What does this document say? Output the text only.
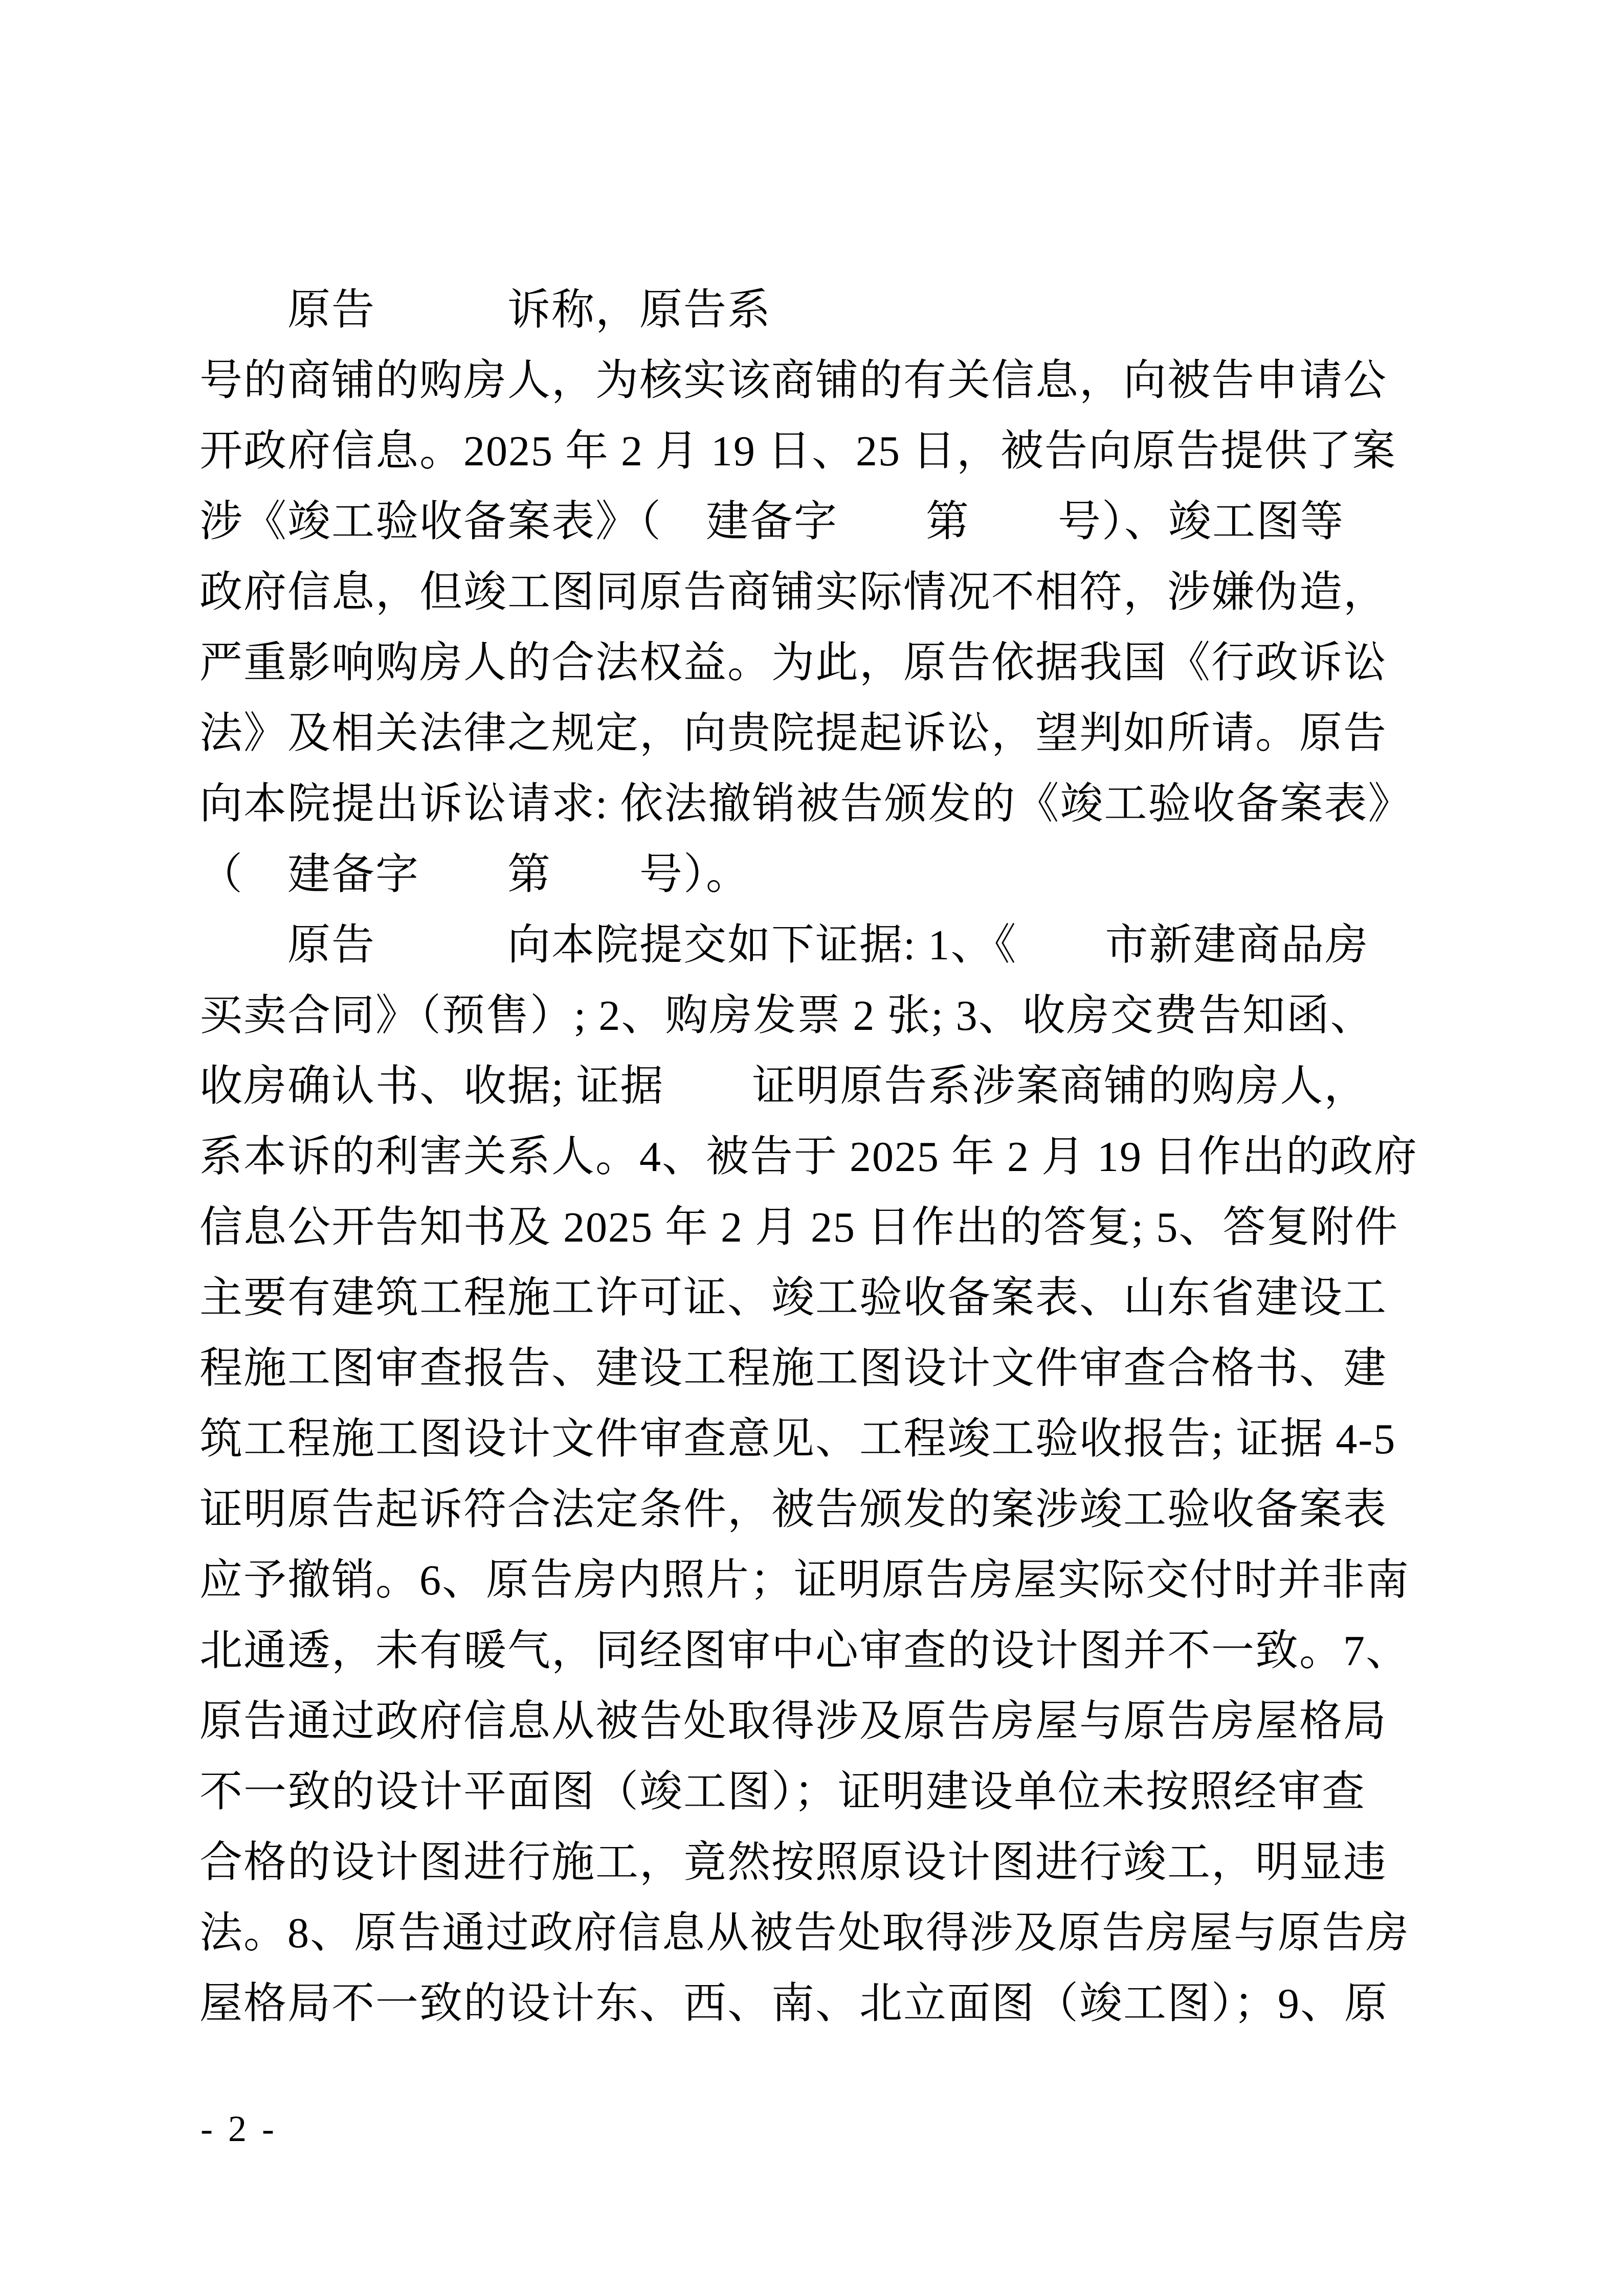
　　原告　　　诉称，原告系
号的商铺的购房人，为核实该商铺的有关信息，向被告申请公
开政府信息。2025 年 2 月 19 日、25 日，被告向原告提供了案
涉《竣工验收备案表》（　建备字　　第　　号）、竣工图等
政府信息，但竣工图同原告商铺实际情况不相符，涉嫌伪造，
严重影响购房人的合法权益。为此，原告依据我国《行政诉讼
法》及相关法律之规定，向贵院提起诉讼，望判如所请。原告
向本院提出诉讼请求: 依法撤销被告颁发的《竣工验收备案表》
（　建备字　　第　　号）。
　　原告　　　向本院提交如下证据: 1、《　　市新建商品房
买卖合同》（预售）; 2、购房发票 2 张; 3、收房交费告知函、
收房确认书、收据; 证据　　证明原告系涉案商铺的购房人，
系本诉的利害关系人。4、被告于 2025 年 2 月 19 日作出的政府
信息公开告知书及 2025 年 2 月 25 日作出的答复; 5、答复附件
主要有建筑工程施工许可证、竣工验收备案表、山东省建设工
程施工图审查报告、建设工程施工图设计文件审查合格书、建
筑工程施工图设计文件审查意见、工程竣工验收报告; 证据 4-5
证明原告起诉符合法定条件，被告颁发的案涉竣工验收备案表
应予撤销。6、原告房内照片；证明原告房屋实际交付时并非南
北通透，未有暖气，同经图审中心审查的设计图并不一致。7、
原告通过政府信息从被告处取得涉及原告房屋与原告房屋格局
不一致的设计平面图（竣工图）；证明建设单位未按照经审查
合格的设计图进行施工，竟然按照原设计图进行竣工，明显违
法。8、原告通过政府信息从被告处取得涉及原告房屋与原告房
屋格局不一致的设计东、西、南、北立面图（竣工图）；9、原
- 2 -
